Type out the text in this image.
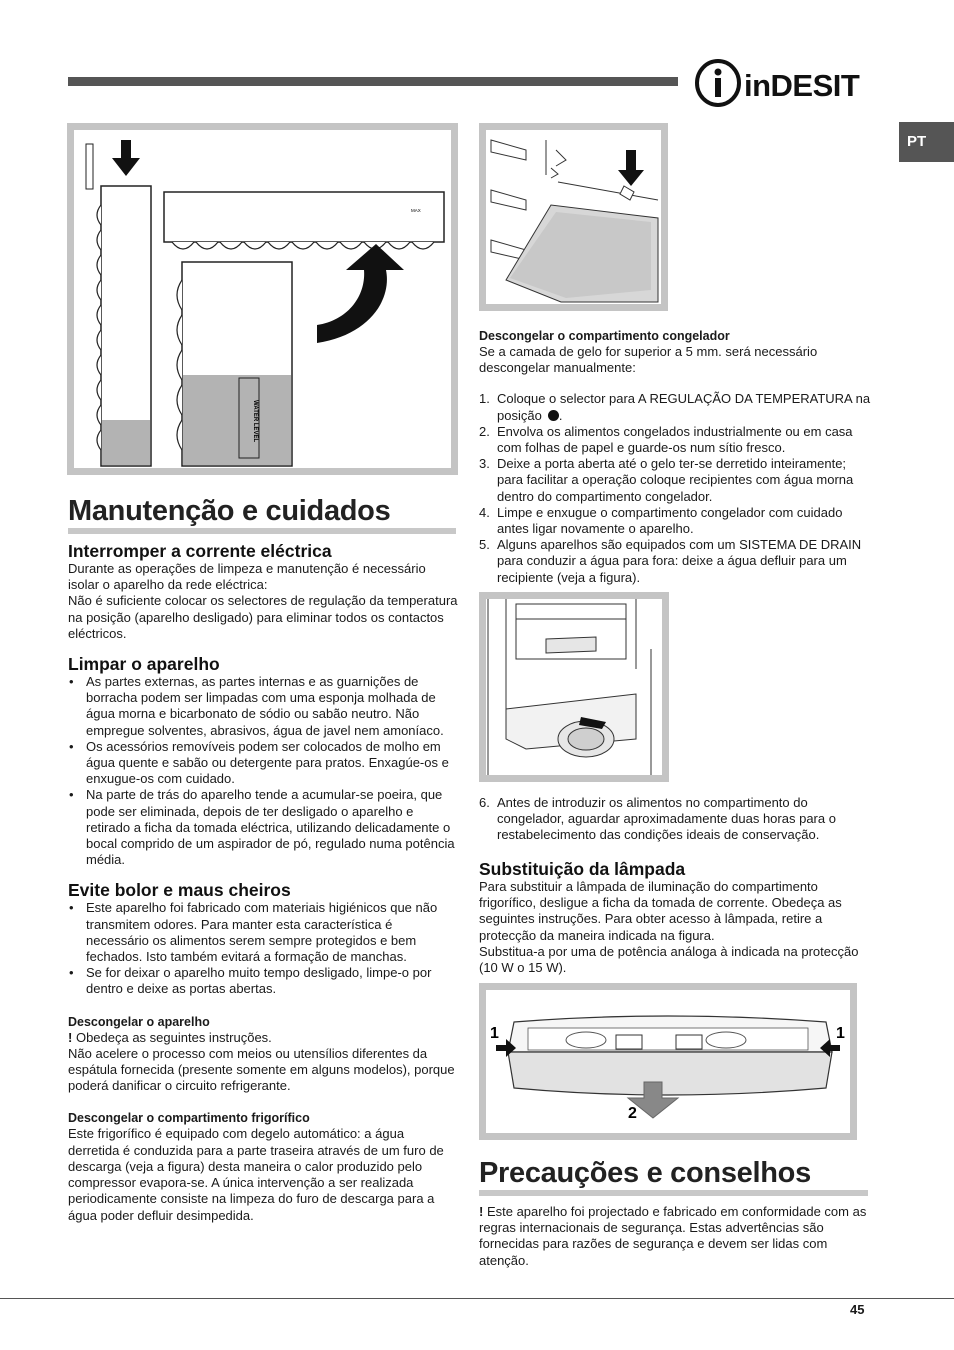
inDESIT
PT
MAX
WATER LEVEL
Manutenção e cuidados
Interromper a corrente eléctrica

Durante as operações de limpeza e manutenção é necessário isolar o aparelho da rede eléctrica:
Não é suficiente colocar os selectores de regulação da temperatura na posição (aparelho desligado) para eliminar todos os contactos eléctricos.

Limpar o aparelho
• As partes externas, as partes internas e as guarnições de borracha podem ser limpadas com uma esponja molhada de água morna e bicarbonato de sódio ou sabão neutro. Não empregue solventes, abrasivos, água de javel nem amoníaco.
• Os acessórios removíveis podem ser colocados de molho em água quente e sabão ou detergente para pratos. Enxagúe-os e enxugue-os com cuidado.
• Na parte de trás do aparelho tende a acumular-se poeira, que pode ser eliminada, depois de ter desligado o aparelho e retirado a ficha da tomada eléctrica, utilizando delicadamente o bocal comprido de um aspirador de pó, regulado numa potência média.
Evite bolor e maus cheiros
• Este aparelho foi fabricado com materiais higiénicos que não transmitem odores. Para manter esta característica é necessário os alimentos serem sempre protegidos e bem fechados. Isto também evitará a formação de manchas.
• Se for deixar o aparelho muito tempo desligado, limpe-o por dentro e deixe as portas abertas.

Descongelar o aparelho

! Obedeça as seguintes instruções.

Não acelere o processo com meios ou utensílios diferentes da espátula fornecida (presente somente em alguns modelos), porque poderá danificar o circuito refrigerante.

Descongelar o compartimento frigorífico

Este frigorífico é equipado com degelo automático: a água derretida é conduzida para a parte traseira através de um furo de descarga (veja a figura) desta maneira o calor produzido pelo compressor evapora-se. A única intervenção a ser realizada periodicamente consiste na limpeza do furo de descarga para a água poder defluir desimpedida.

Descongelar o compartimento congelador

Se a camada de gelo for superior a 5 mm. será necessário descongelar manualmente:

1. Coloque o selector para A REGULAÇÃO DA TEMPERATURA na posição .
2. Envolva os alimentos congelados industrialmente ou em casa com folhas de papel e guarde-os num sítio fresco.
3. Deixe a porta aberta até o gelo ter-se derretido inteiramente; para facilitar a operação coloque recipientes com água morna dentro do compartimento congelador.
4. Limpe e enxugue o compartimento congelador com cuidado antes ligar novamente o aparelho.
5. Alguns aparelhos são equipados com um SISTEMA DE DRAIN para conduzir a água para fora: deixe a água defluir para um recipiente (veja a figura).
6. Antes de introduzir os alimentos no compartimento do congelador, aguardar aproximadamente duas horas para o restabelecimento das condições ideais de conservação.
Substituição da lâmpada

Para substituir a lâmpada de iluminação do compartimento frigorífico, desligue a ficha da tomada de corrente. Obedeça as seguintes instruções. Para obter acesso à lâmpada, retire a protecção da maneira indicada na figura.
Substitua-a por uma de potência análoga à indicada na protecção (10 W o 15 W).

1	1
2
Precauções e conselhos

! Este aparelho foi projectado e fabricado em conformidade com as regras internacionais de segurança. Estas advertências são fornecidas para razões de segurança e devem ser lidas com atenção.

45
